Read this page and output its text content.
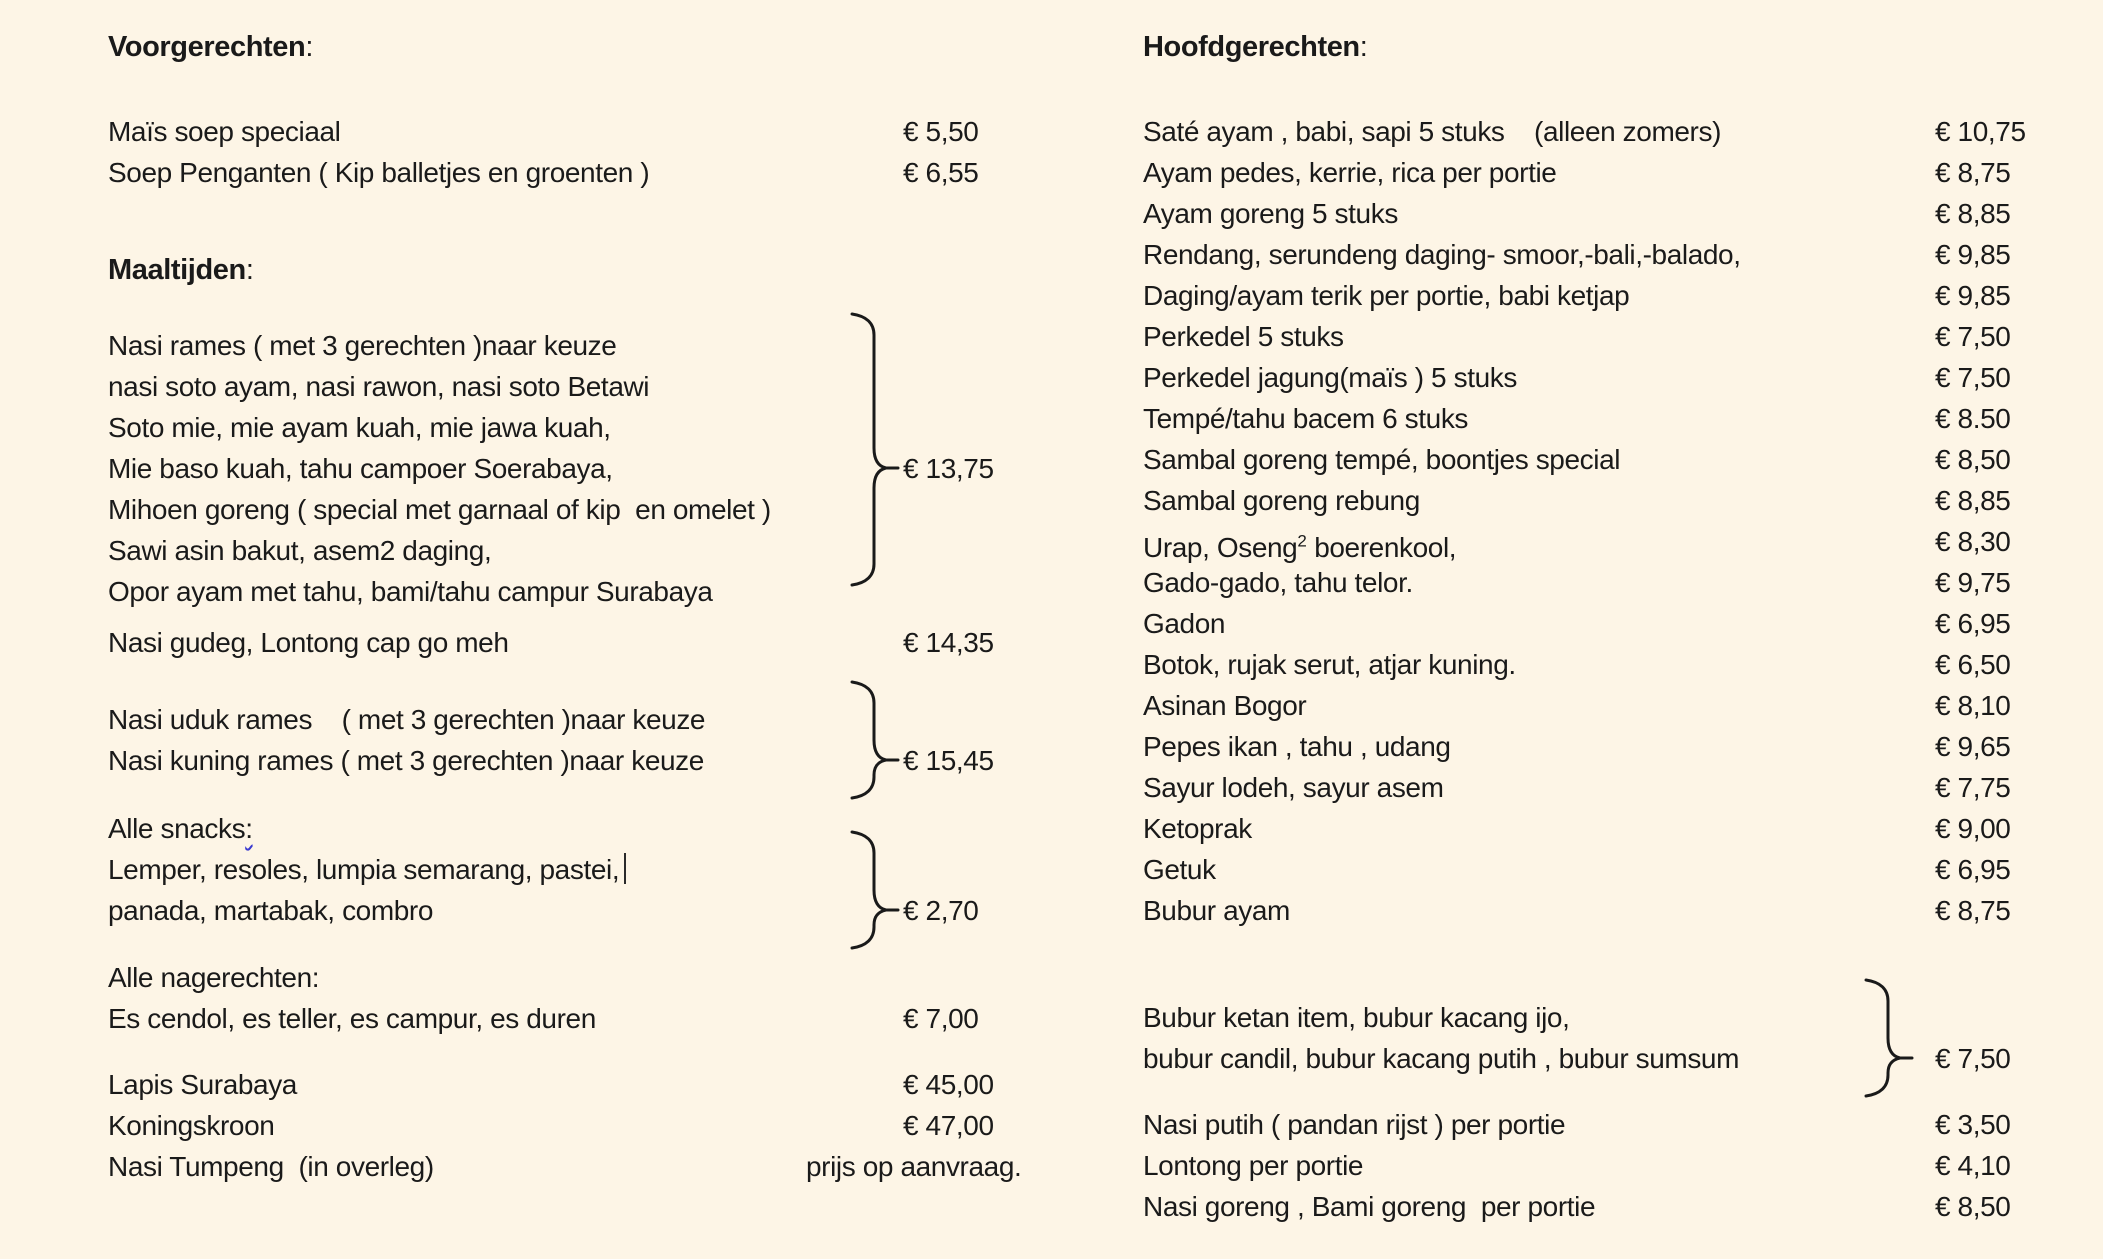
Voorgerechten:
Maïs soep speciaal	€ 5,50
Soep Penganten ( Kip balletjes en groenten )	€ 6,55
Maaltijden:
Nasi rames ( met 3 gerechten )naar keuze
nasi soto ayam, nasi rawon, nasi soto Betawi
Soto mie, mie ayam kuah, mie jawa kuah,
Mie baso kuah, tahu campoer Soerabaya,	€ 13,75
Mihoen goreng ( special met garnaal of kip  en omelet )
Sawi asin bakut, asem2 daging,
Opor ayam met tahu, bami/tahu campur Surabaya
Nasi gudeg, Lontong cap go meh	€ 14,35
Nasi uduk rames    ( met 3 gerechten )naar keuze
Nasi kuning rames ( met 3 gerechten )naar keuze	€ 15,45
Alle snacks:
Lemper, resoles, lumpia semarang, pastei,
panada, martabak, combro	€ 2,70
Alle nagerechten:
Es cendol, es teller, es campur, es duren	€ 7,00
Lapis Surabaya	€ 45,00
Koningskroon	€ 47,00
Nasi Tumpeng  (in overleg)	prijs op aanvraag.
Hoofdgerechten:
Saté ayam , babi, sapi 5 stuks    (alleen zomers)	€ 10,75
Ayam pedes, kerrie, rica per portie	€ 8,75
Ayam goreng 5 stuks	€ 8,85
Rendang, serundeng daging- smoor,-bali,-balado,	€ 9,85
Daging/ayam terik per portie, babi ketjap	€ 9,85
Perkedel 5 stuks	€ 7,50
Perkedel jagung(maïs ) 5 stuks	€ 7,50
Tempé/tahu bacem 6 stuks	€ 8.50
Sambal goreng tempé, boontjes special	€ 8,50
Sambal goreng rebung	€ 8,85
Urap, Oseng$^2$ boerenkool,	€ 8,30
Gado-gado, tahu telor.	€ 9,75
Gadon	€ 6,95
Botok, rujak serut, atjar kuning.	€ 6,50
Asinan Bogor	€ 8,10
Pepes ikan , tahu , udang	€ 9,65
Sayur lodeh, sayur asem	€ 7,75
Ketoprak	€ 9,00
Getuk	€ 6,95
Bubur ayam	€ 8,75
Bubur ketan item, bubur kacang ijo,
bubur candil, bubur kacang putih , bubur sumsum	€ 7,50
Nasi putih ( pandan rijst ) per portie	€ 3,50
Lontong per portie	€ 4,10
Nasi goreng , Bami goreng  per portie	€ 8,50
